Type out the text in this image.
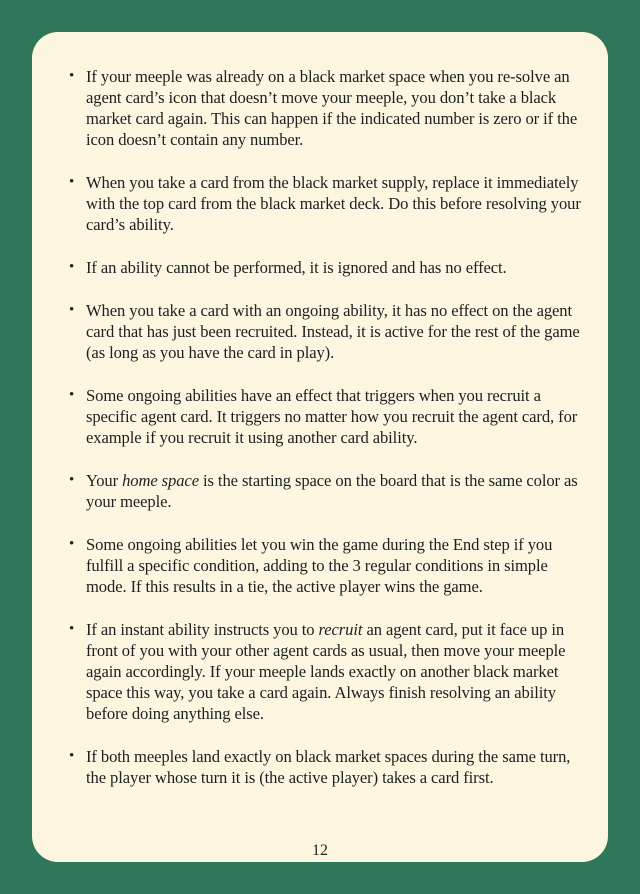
• If your meeple was already on a black market space when you re-solve an agent card’s icon that doesn’t move your meeple, you don’t take a black market card again. This can happen if the indicated number is zero or if the icon doesn’t contain any number.
• When you take a card from the black market supply, replace it immediately with the top card from the black market deck. Do this before resolving your card’s ability.
• If an ability cannot be performed, it is ignored and has no effect.
• When you take a card with an ongoing ability, it has no effect on the agent card that has just been recruited. Instead, it is active for the rest of the game (as long as you have the card in play).
• Some ongoing abilities have an effect that triggers when you recruit a specific agent card. It triggers no matter how you recruit the agent card, for example if you recruit it using another card ability.
• Your home space is the starting space on the board that is the same color as your meeple.
• Some ongoing abilities let you win the game during the End step if you fulfill a specific condition, adding to the 3 regular conditions in simple mode. If this results in a tie, the active player wins the game.
• If an instant ability instructs you to recruit an agent card, put it face up in front of you with your other agent cards as usual, then move your meeple again accordingly. If your meeple lands exactly on another black market space this way, you take a card again. Always finish resolving an ability before doing anything else.
• If both meeples land exactly on black market spaces during the same turn, the player whose turn it is (the active player) takes a card first.
12
